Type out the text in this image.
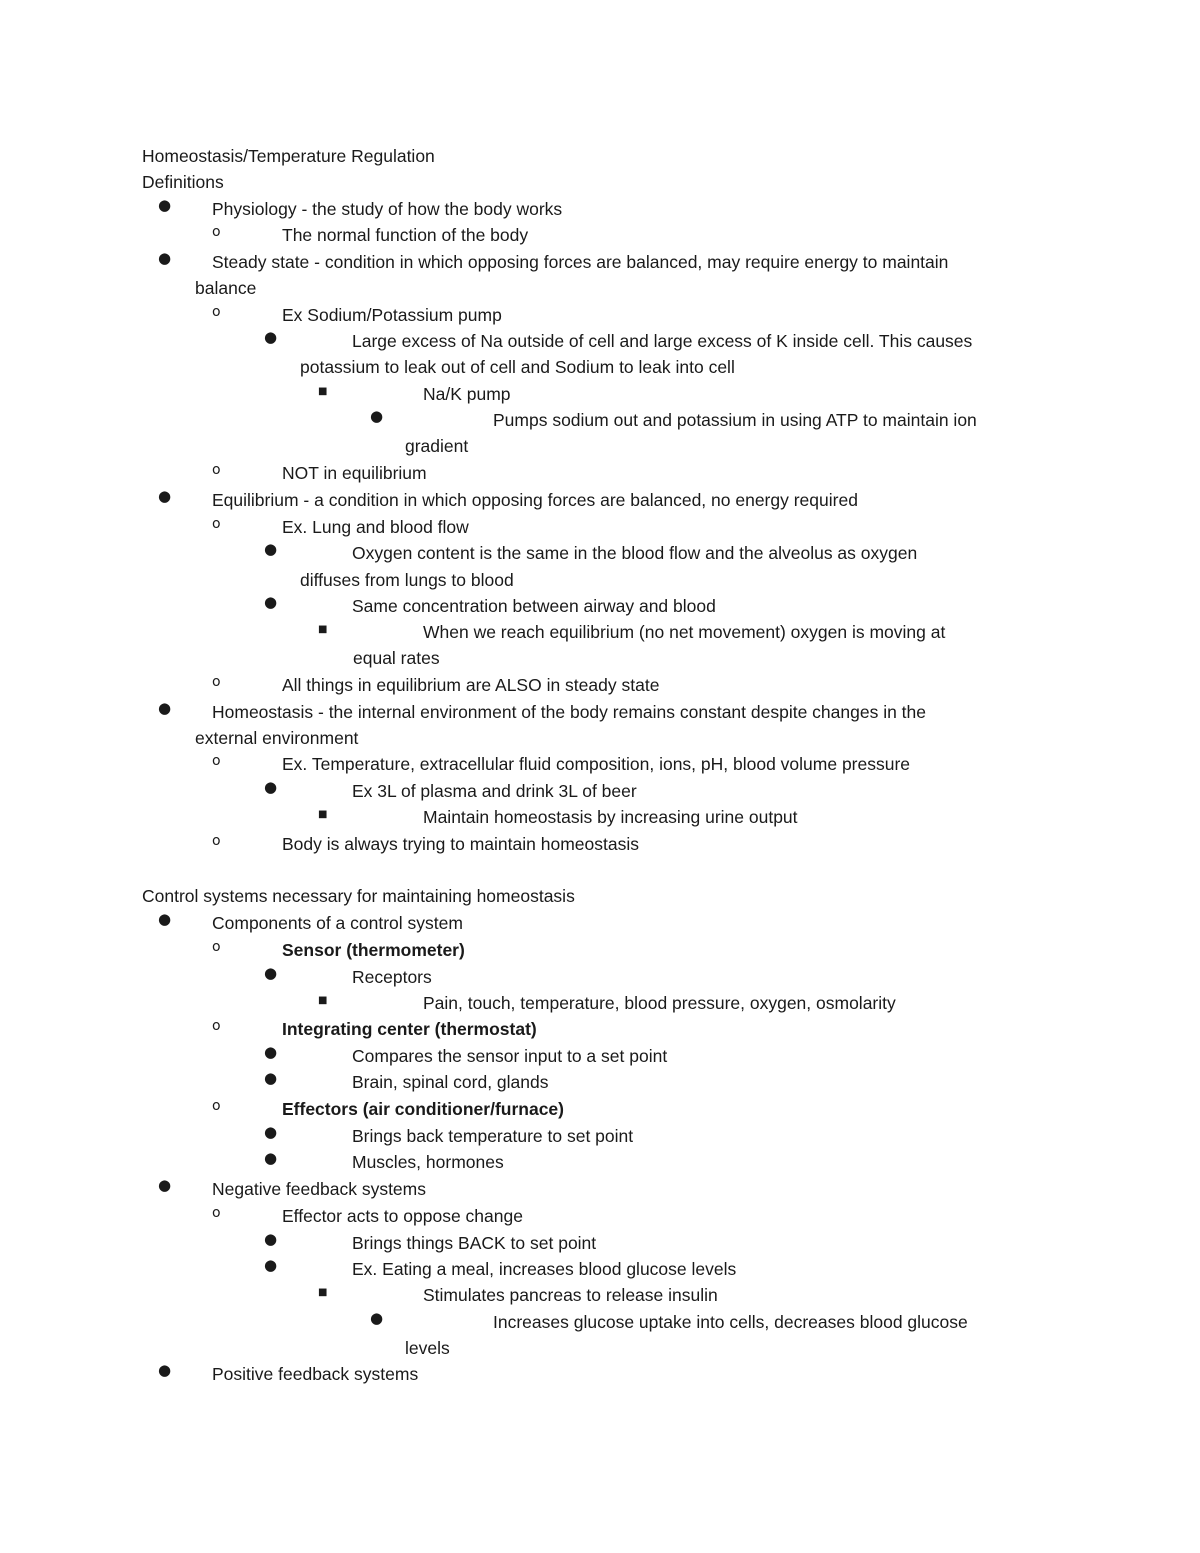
Homeostasis/Temperature Regulation
Definitions
Physiology - the study of how the body works
●
The normal function of the body
o
Steady state - condition in which opposing forces are balanced, may require energy to maintain
●
balance
Ex Sodium/Potassium pump
o
Large excess of Na outside of cell and large excess of K inside cell. This causes
●
potassium to leak out of cell and Sodium to leak into cell
Na/K pump
■
Pumps sodium out and potassium in using ATP to maintain ion
●
gradient
NOT in equilibrium
o
Equilibrium - a condition in which opposing forces are balanced, no energy required
●
Ex. Lung and blood flow
o
Oxygen content is the same in the blood flow and the alveolus as oxygen
●
diffuses from lungs to blood
Same concentration between airway and blood
●
When we reach equilibrium (no net movement) oxygen is moving at
■
equal rates
All things in equilibrium are ALSO in steady state
o
Homeostasis - the internal environment of the body remains constant despite changes in the
●
external environment
Ex. Temperature, extracellular fluid composition, ions, pH, blood volume pressure
o
Ex 3L of plasma and drink 3L of beer
●
Maintain homeostasis by increasing urine output
■
Body is always trying to maintain homeostasis
o
Control systems necessary for maintaining homeostasis
Components of a control system
●
Sensor (thermometer)
o
Receptors
●
Pain, touch, temperature, blood pressure, oxygen, osmolarity
■
Integrating center (thermostat)
o
Compares the sensor input to a set point
●
Brain, spinal cord, glands
●
Effectors (air conditioner/furnace)
o
Brings back temperature to set point
●
Muscles, hormones
●
Negative feedback systems
●
Effector acts to oppose change
o
Brings things BACK to set point
●
Ex. Eating a meal, increases blood glucose levels
●
Stimulates pancreas to release insulin
■
Increases glucose uptake into cells, decreases blood glucose
●
levels
Positive feedback systems
●
